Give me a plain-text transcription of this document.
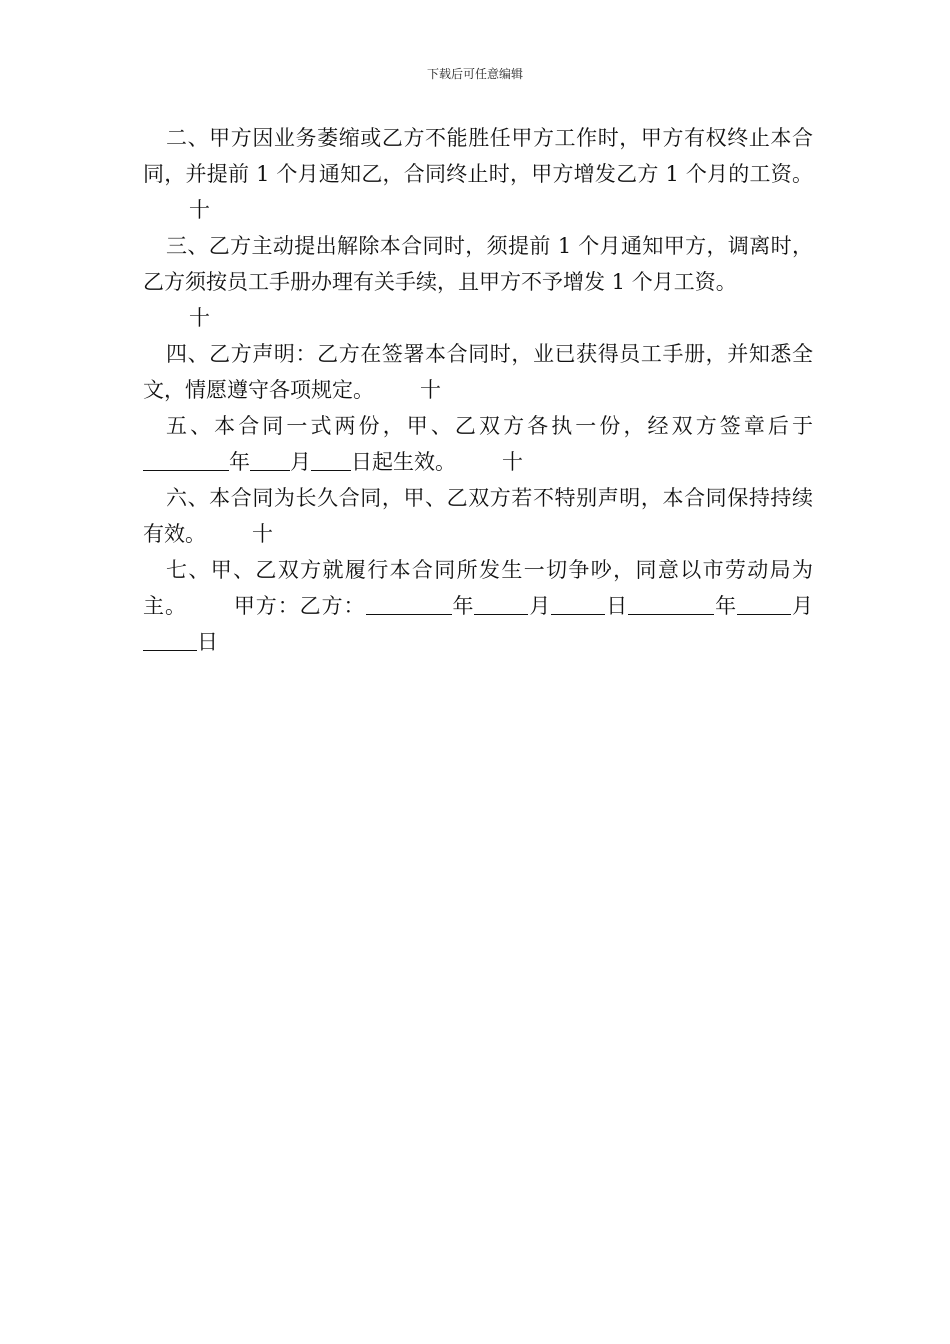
下载后可任意编辑

二、甲方因业务萎缩或乙方不能胜任甲方工作时，甲方有权终止本合同，并提前 1 个月通知乙，合同终止时，甲方增发乙方 1 个月的工资。十

三、乙方主动提出解除本合同时，须提前 1 个月通知甲方，调离时，乙方须按员工手册办理有关手续，且甲方不予增发 1 个月工资。

十

四、乙方声明：乙方在签署本合同时，业已获得员工手册，并知悉全文，情愿遵守各项规定。 十

五、本合同一式两份，甲、乙双方各执一份，经双方签章后于年 月 日起生效。 十

六、本合同为长久合同，甲、乙双方若不特别声明，本合同保持持续有效。 十

七、甲、乙双方就履行本合同所发生一切争吵，同意以市劳动局为主。 甲方：乙方：	年	月	日	年	月日
